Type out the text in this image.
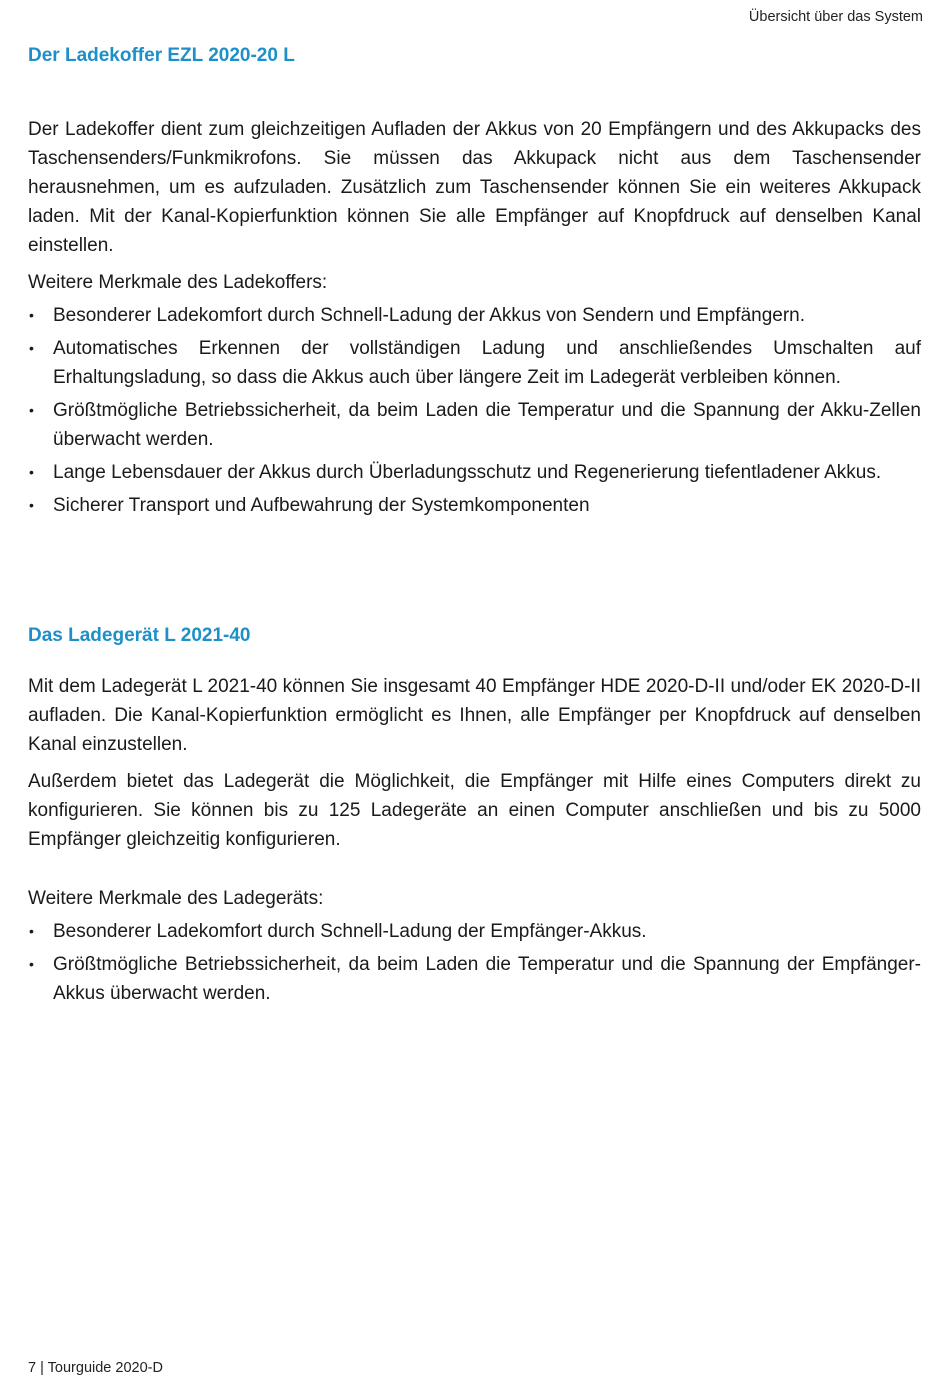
Übersicht über das System
Der Ladekoffer EZL 2020-20 L

Der Ladekoffer dient zum gleichzeitigen Aufladen der Akkus von 20 Empfängern und des Akkupacks des Taschensenders/Funkmikrofons. Sie müssen das Akkupack nicht aus dem Taschensender herausnehmen, um es aufzuladen. Zusätzlich zum Taschensender können Sie ein weiteres Akkupack laden. Mit der Kanal-Kopierfunktion können Sie alle Empfänger auf Knopfdruck auf denselben Kanal einstellen.

Weitere Merkmale des Ladekoffers:

• Besonderer Ladekomfort durch Schnell-Ladung der Akkus von Sendern und Empfängern.
• Automatisches Erkennen der vollständigen Ladung und anschließendes Umschalten auf Erhaltungsladung, so dass die Akkus auch über längere Zeit im Ladegerät verbleiben können.
• Größtmögliche Betriebssicherheit, da beim Laden die Temperatur und die Spannung der Akku-Zellen überwacht werden.
• Lange Lebensdauer der Akkus durch Überladungsschutz und Regenerierung tiefentladener Akkus.
• Sicherer Transport und Aufbewahrung der Systemkomponenten
Das Ladegerät L 2021-40

Mit dem Ladegerät L 2021-40 können Sie insgesamt 40 Empfänger HDE 2020-D-II und/oder EK 2020-D-II aufladen. Die Kanal-Kopierfunktion ermöglicht es Ihnen, alle Empfänger per Knopfdruck auf denselben Kanal einzustellen.

Außerdem bietet das Ladegerät die Möglichkeit, die Empfänger mit Hilfe eines Computers direkt zu konfigurieren. Sie können bis zu 125 Ladegeräte an einen Computer anschließen und bis zu 5000 Empfänger gleichzeitig konfigurieren.

Weitere Merkmale des Ladegeräts:

• Besonderer Ladekomfort durch Schnell-Ladung der Empfänger-Akkus.
• Größtmögliche Betriebssicherheit, da beim Laden die Temperatur und die Spannung der Empfänger-Akkus überwacht werden.
7 | Tourguide 2020-D
